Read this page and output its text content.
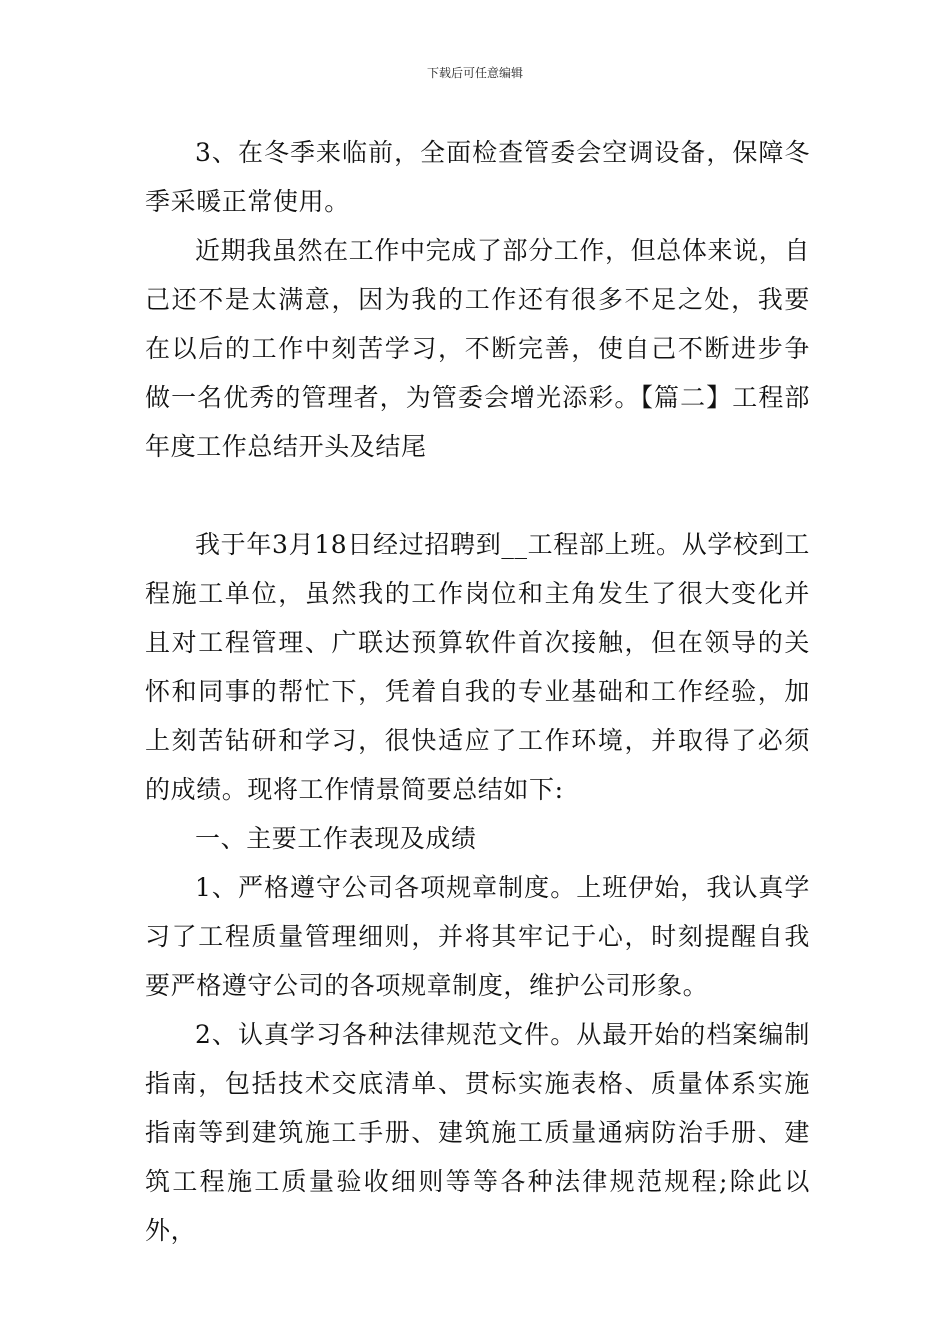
下载后可任意编辑

3、在冬季来临前，全面检查管委会空调设备，保障冬季采暖正常使用。

近期我虽然在工作中完成了部分工作，但总体来说，自己还不是太满意，因为我的工作还有很多不足之处，我要在以后的工作中刻苦学习，不断完善，使自己不断进步争做一名优秀的管理者，为管委会增光添彩。【篇二】工程部年度工作总结开头及结尾

我于年3月18日经过招聘到__工程部上班。从学校到工程施工单位，虽然我的工作岗位和主角发生了很大变化并且对工程管理、广联达预算软件首次接触，但在领导的关怀和同事的帮忙下，凭着自我的专业基础和工作经验，加上刻苦钻研和学习，很快适应了工作环境，并取得了必须的成绩。现将工作情景简要总结如下:

一、主要工作表现及成绩

1、严格遵守公司各项规章制度。上班伊始，我认真学习了工程质量管理细则，并将其牢记于心，时刻提醒自我要严格遵守公司的各项规章制度，维护公司形象。

2、认真学习各种法律规范文件。从最开始的档案编制指南，包括技术交底清单、贯标实施表格、质量体系实施指南等到建筑施工手册、建筑施工质量通病防治手册、建筑工程施工质量验收细则等等各种法律规范规程;除此以外，
